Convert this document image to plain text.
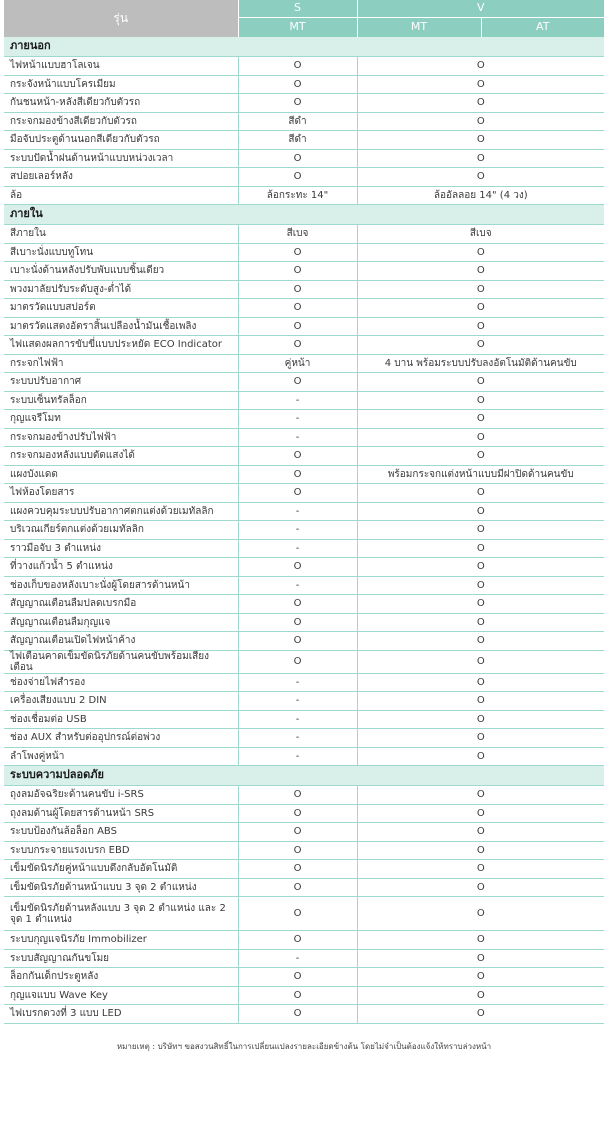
รุ่น	S	V	
	MT	MT	AT
ภายนอก			
ไฟหน้าแบบฮาโลเจน	O	O	
กระจังหน้าแบบโครเมียม	O	O	
กันชนหน้า-หลังสีเดียวกับตัวรถ	O	O	
กระจกมองข้างสีเดียวกับตัวรถ	สีดำ	O	
มือจับประตูด้านนอกสีเดียวกับตัวรถ	สีดำ	O	
ระบบปัดน้ำฝนด้านหน้าแบบหน่วงเวลา	O	O	
สปอยเลอร์หลัง	O	O	
ล้อ	ล้อกระทะ 14"	ล้ออัลลอย 14" (4 วง)	
ภายใน			
สีภายใน	สีเบจ	สีเบจ	
สีเบาะนั่งแบบทูโทน	O	O	
เบาะนั่งด้านหลังปรับพับแบบชิ้นเดียว	O	O	
พวงมาลัยปรับระดับสูง-ต่ำได้	O	O	
มาตรวัดแบบสปอร์ต	O	O	
มาตรวัดแสดงอัตราสิ้นเปลืองน้ำมันเชื้อเพลิง	O	O	
ไฟแสดงผลการขับขี่แบบประหยัด ECO Indicator	O	O	
กระจกไฟฟ้า	คู่หน้า	4 บาน พร้อมระบบปรับลงอัตโนมัติด้านคนขับ	
ระบบปรับอากาศ	O	O	
ระบบเซ็นทรัลล็อก	-	O	
กุญแจรีโมท	-	O	
กระจกมองข้างปรับไฟฟ้า	-	O	
กระจกมองหลังแบบตัดแสงได้	O	O	
แผงบังแดด	O	พร้อมกระจกแต่งหน้าแบบมีฝาปิดด้านคนขับ	
ไฟห้องโดยสาร	O	O	
แผงควบคุมระบบปรับอากาศตกแต่งด้วยเมทัลลิก	-	O	
บริเวณเกียร์ตกแต่งด้วยเมทัลลิก	-	O	
ราวมือจับ 3 ตำแหน่ง	-	O	
ที่วางแก้วน้ำ 5 ตำแหน่ง	O	O	
ช่องเก็บของหลังเบาะนั่งผู้โดยสารด้านหน้า	-	O	
สัญญาณเตือนลืมปลดเบรกมือ	O	O	
สัญญาณเตือนลืมกุญแจ	O	O	
สัญญาณเตือนเปิดไฟหน้าค้าง	O	O	
ไฟเตือนคาดเข็มขัดนิรภัยด้านคนขับพร้อมเสียงเตือน	O	O	
ช่องจ่ายไฟสำรอง	-	O	
เครื่องเสียงแบบ 2 DIN	-	O	
ช่องเชื่อมต่อ USB	-	O	
ช่อง AUX สำหรับต่ออุปกรณ์ต่อพ่วง	-	O	
ลำโพงคู่หน้า	-	O	
ระบบความปลอดภัย			
ถุงลมอัจฉริยะด้านคนขับ i-SRS	O	O	
ถุงลมด้านผู้โดยสารด้านหน้า SRS	O	O	
ระบบป้องกันล้อล็อก ABS	O	O	
ระบบกระจายแรงเบรก EBD	O	O	
เข็มขัดนิรภัยคู่หน้าแบบดึงกลับอัตโนมัติ	O	O	
เข็มขัดนิรภัยด้านหน้าแบบ 3 จุด 2 ตำแหน่ง	O	O	
เข็มขัดนิรภัยด้านหลังแบบ 3 จุด 2 ตำแหน่ง และ 2 จุด 1 ตำแหน่ง	O	O	
ระบบกุญแจนิรภัย Immobilizer	O	O	
ระบบสัญญาณกันขโมย	-	O	
ล็อกกันเด็กประตูหลัง	O	O	
กุญแจแบบ Wave Key	O	O	
ไฟเบรกดวงที่ 3 แบบ LED	O	O	
หมายเหตุ : บริษัทฯ ขอสงวนสิทธิ์ในการเปลี่ยนแปลงรายละเอียดข้างต้น โดยไม่จำเป็นต้องแจ้งให้ทราบล่วงหน้า
